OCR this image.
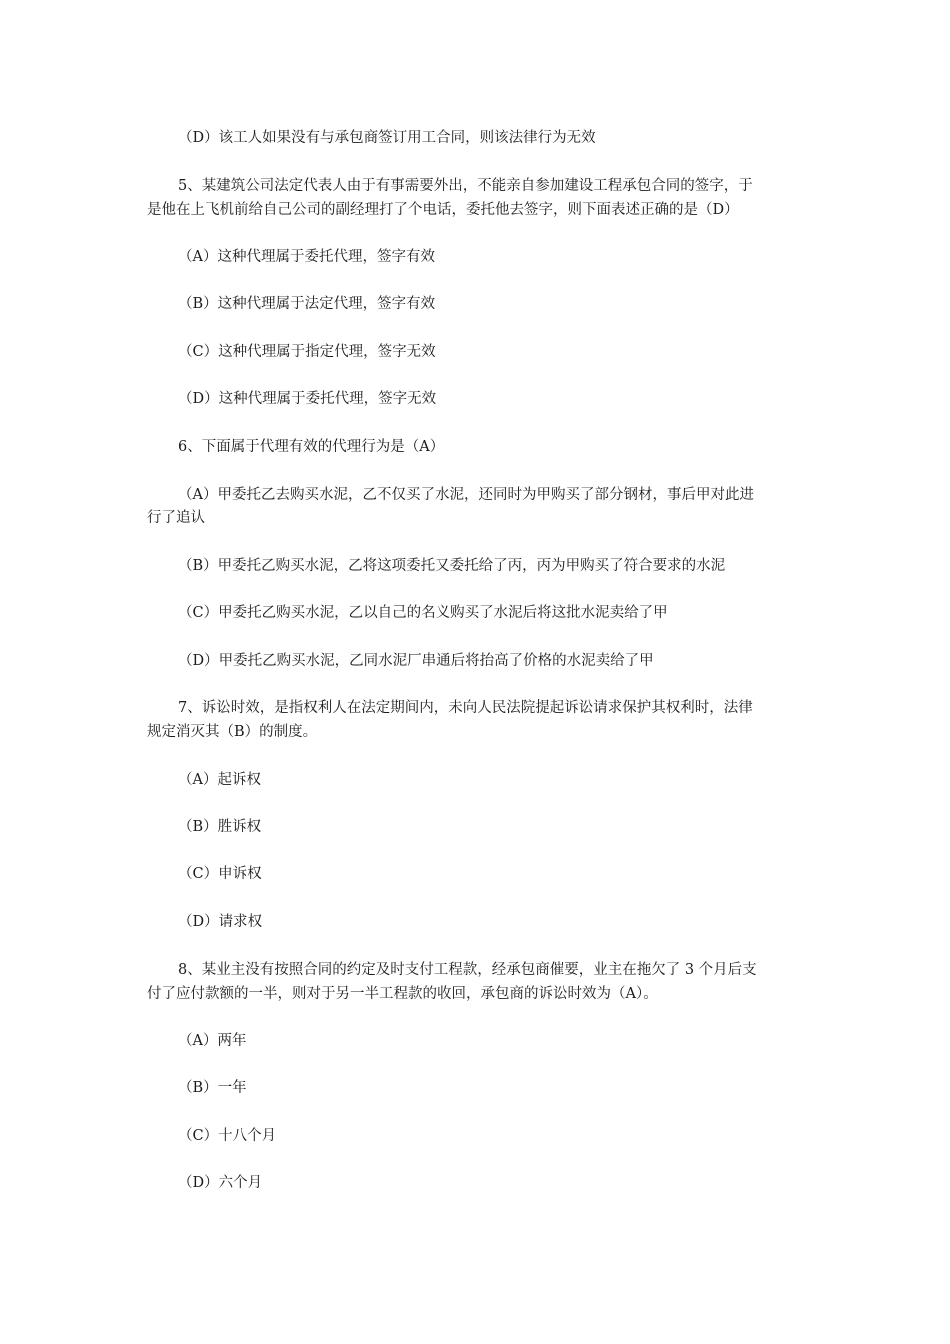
（D）该工人如果没有与承包商签订用工合同，则该法律行为无效
5、某建筑公司法定代表人由于有事需要外出，不能亲自参加建设工程承包合同的签字，于
是他在上飞机前给自己公司的副经理打了个电话，委托他去签字，则下面表述正确的是（D）
（A）这种代理属于委托代理，签字有效
（B）这种代理属于法定代理，签字有效
（C）这种代理属于指定代理，签字无效
（D）这种代理属于委托代理，签字无效
6、下面属于代理有效的代理行为是（A）
（A）甲委托乙去购买水泥，乙不仅买了水泥，还同时为甲购买了部分钢材，事后甲对此进
行了追认
（B）甲委托乙购买水泥，乙将这项委托又委托给了丙，丙为甲购买了符合要求的水泥
（C）甲委托乙购买水泥，乙以自己的名义购买了水泥后将这批水泥卖给了甲
（D）甲委托乙购买水泥，乙同水泥厂串通后将抬高了价格的水泥卖给了甲
7、诉讼时效，是指权利人在法定期间内，未向人民法院提起诉讼请求保护其权利时，法律
规定消灭其（B）的制度。
（A）起诉权
（B）胜诉权
（C）申诉权
（D）请求权
8、某业主没有按照合同的约定及时支付工程款，经承包商催要，业主在拖欠了 3 个月后支
付了应付款额的一半，则对于另一半工程款的收回，承包商的诉讼时效为（A）。
（A）两年
（B）一年
（C）十八个月
（D）六个月
